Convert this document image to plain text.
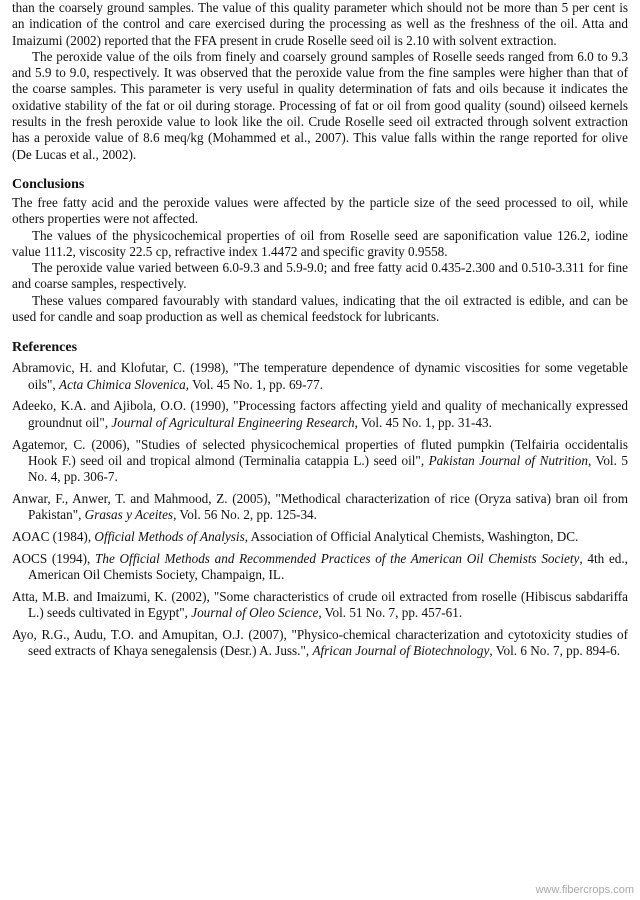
than the coarsely ground samples. The value of this quality parameter which should not be more than 5 per cent is an indication of the control and care exercised during the processing as well as the freshness of the oil. Atta and Imaizumi (2002) reported that the FFA present in crude Roselle seed oil is 2.10 with solvent extraction.

The peroxide value of the oils from finely and coarsely ground samples of Roselle seeds ranged from 6.0 to 9.3 and 5.9 to 9.0, respectively. It was observed that the peroxide value from the fine samples were higher than that of the coarse samples. This parameter is very useful in quality determination of fats and oils because it indicates the oxidative stability of the fat or oil during storage. Processing of fat or oil from good quality (sound) oilseed kernels results in the fresh peroxide value to look like the oil. Crude Roselle seed oil extracted through solvent extraction has a peroxide value of 8.6 meq/kg (Mohammed et al., 2007). This value falls within the range reported for olive (De Lucas et al., 2002).

Conclusions

The free fatty acid and the peroxide values were affected by the particle size of the seed processed to oil, while others properties were not affected.

The values of the physicochemical properties of oil from Roselle seed are saponification value 126.2, iodine value 111.2, viscosity 22.5 cp, refractive index 1.4472 and specific gravity 0.9558.

The peroxide value varied between 6.0-9.3 and 5.9-9.0; and free fatty acid 0.435-2.300 and 0.510-3.311 for fine and coarse samples, respectively.

These values compared favourably with standard values, indicating that the oil extracted is edible, and can be used for candle and soap production as well as chemical feedstock for lubricants.

References

Abramovic, H. and Klofutar, C. (1998), "The temperature dependence of dynamic viscosities for some vegetable oils", Acta Chimica Slovenica, Vol. 45 No. 1, pp. 69-77.

Adeeko, K.A. and Ajibola, O.O. (1990), "Processing factors affecting yield and quality of mechanically expressed groundnut oil", Journal of Agricultural Engineering Research, Vol. 45 No. 1, pp. 31-43.

Agatemor, C. (2006), "Studies of selected physicochemical properties of fluted pumpkin (Telfairia occidentalis Hook F.) seed oil and tropical almond (Terminalia catappia L.) seed oil", Pakistan Journal of Nutrition, Vol. 5 No. 4, pp. 306-7.

Anwar, F., Anwer, T. and Mahmood, Z. (2005), "Methodical characterization of rice (Oryza sativa) bran oil from Pakistan", Grasas y Aceites, Vol. 56 No. 2, pp. 125-34.

AOAC (1984), Official Methods of Analysis, Association of Official Analytical Chemists, Washington, DC.

AOCS (1994), The Official Methods and Recommended Practices of the American Oil Chemists Society, 4th ed., American Oil Chemists Society, Champaign, IL.

Atta, M.B. and Imaizumi, K. (2002), "Some characteristics of crude oil extracted from roselle (Hibiscus sabdariffa L.) seeds cultivated in Egypt", Journal of Oleo Science, Vol. 51 No. 7, pp. 457-61.

Ayo, R.G., Audu, T.O. and Amupitan, O.J. (2007), "Physico-chemical characterization and cytotoxicity studies of seed extracts of Khaya senegalensis (Desr.) A. Juss.", African Journal of Biotechnology, Vol. 6 No. 7, pp. 894-6.

www.fibercrops.com
